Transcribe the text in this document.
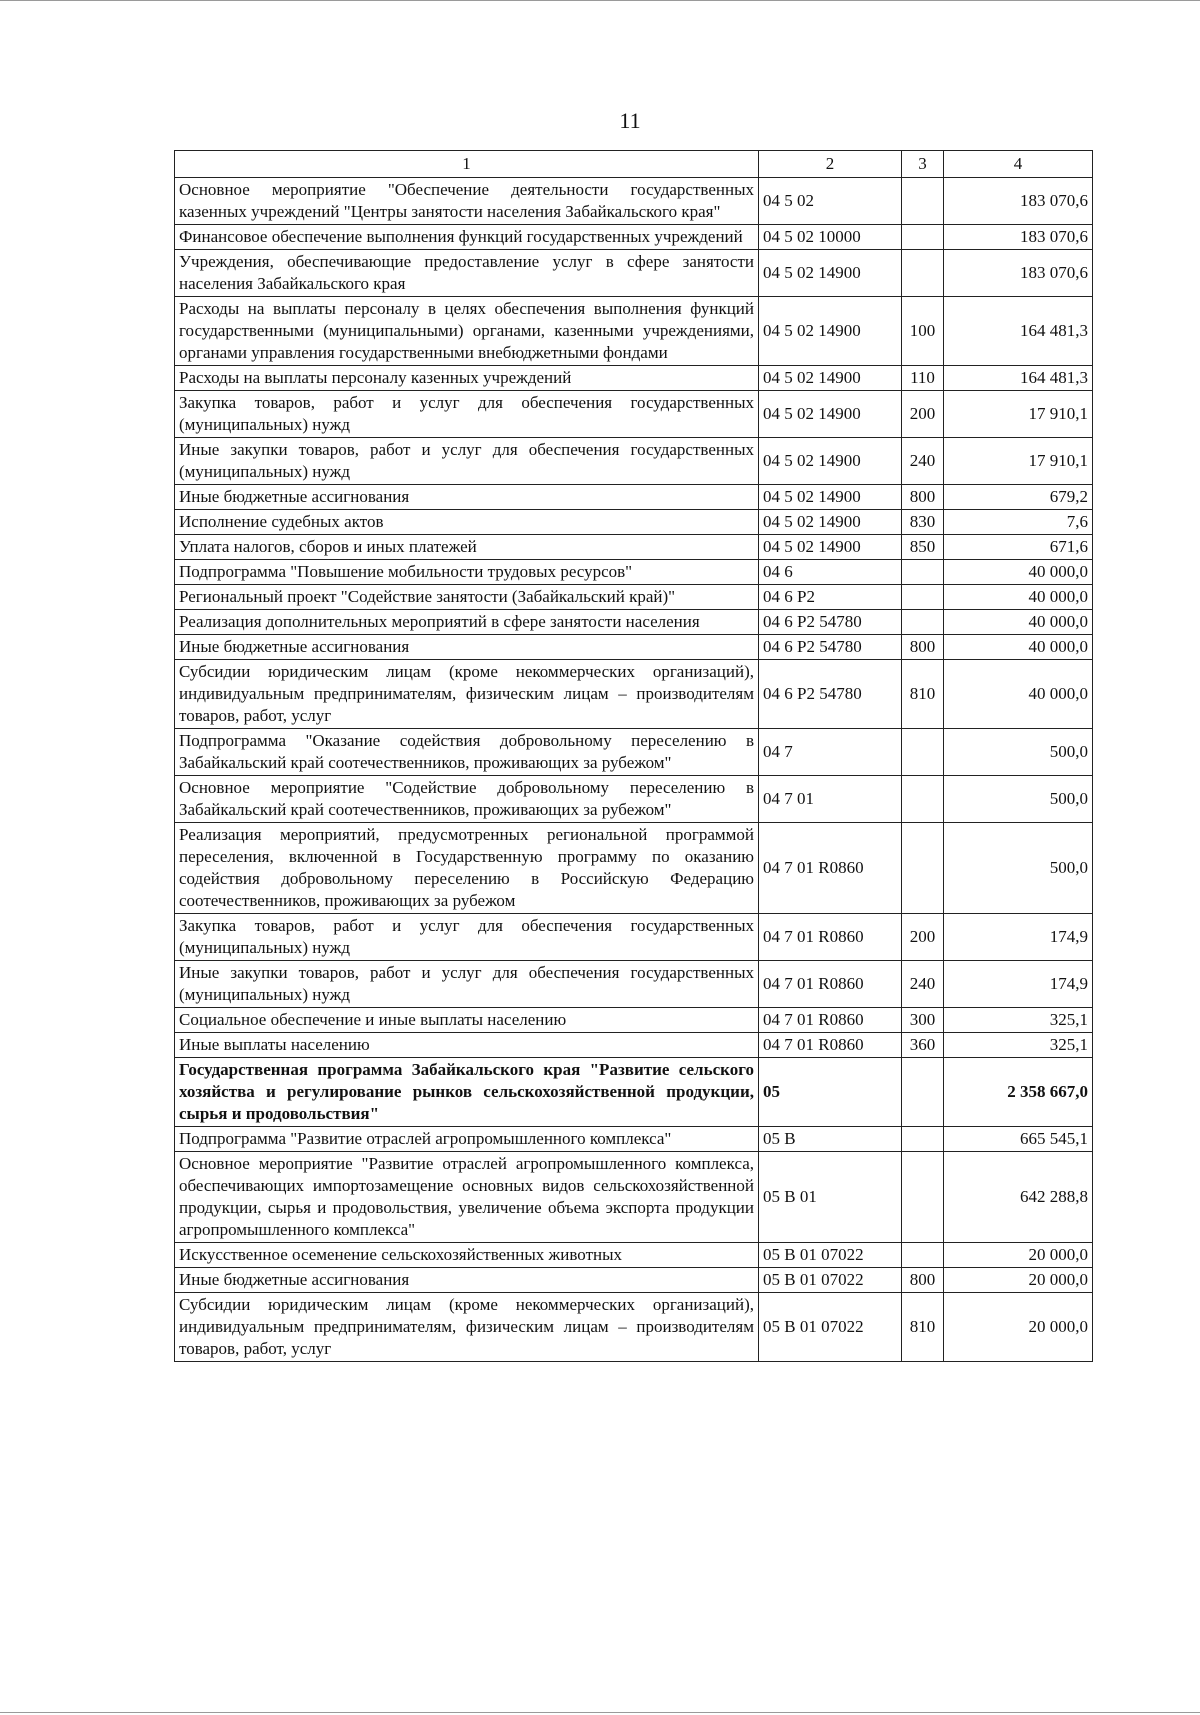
11
1	2	3	4
Основное мероприятие "Обеспечение деятельности государственных казенных учреждений "Центры занятости населения Забайкальского края"	04 5 02		183 070,6
Финансовое обеспечение выполнения функций государственных учреждений	04 5 02 10000		183 070,6
Учреждения, обеспечивающие предоставление услуг в сфере занятости населения Забайкальского края	04 5 02 14900		183 070,6
Расходы на выплаты персоналу в целях обеспечения выполнения функций государственными (муниципальными) органами, казенными учреждениями, органами управления государственными внебюджетными фондами	04 5 02 14900	100	164 481,3
Расходы на выплаты персоналу казенных учреждений	04 5 02 14900	110	164 481,3
Закупка товаров, работ и услуг для обеспечения государственных (муниципальных) нужд	04 5 02 14900	200	17 910,1
Иные закупки товаров, работ и услуг для обеспечения государственных (муниципальных) нужд	04 5 02 14900	240	17 910,1
Иные бюджетные ассигнования	04 5 02 14900	800	679,2
Исполнение судебных актов	04 5 02 14900	830	7,6
Уплата налогов, сборов и иных платежей	04 5 02 14900	850	671,6
Подпрограмма "Повышение мобильности трудовых ресурсов"	04 6		40 000,0
Региональный проект "Содействие занятости (Забайкальский край)"	04 6 P2		40 000,0
Реализация дополнительных мероприятий в сфере занятости населения	04 6 P2 54780		40 000,0
Иные бюджетные ассигнования	04 6 P2 54780	800	40 000,0
Субсидии юридическим лицам (кроме некоммерческих организаций), индивидуальным предпринимателям, физическим лицам – производителям товаров, работ, услуг	04 6 P2 54780	810	40 000,0
Подпрограмма "Оказание содействия добровольному переселению в Забайкальский край соотечественников, проживающих за рубежом"	04 7		500,0
Основное мероприятие "Содействие добровольному переселению в Забайкальский край соотечественников, проживающих за рубежом"	04 7 01		500,0
Реализация мероприятий, предусмотренных региональной программой переселения, включенной в Государственную программу по оказанию содействия добровольному переселению в Российскую Федерацию соотечественников, проживающих за рубежом	04 7 01 R0860		500,0
Закупка товаров, работ и услуг для обеспечения государственных (муниципальных) нужд	04 7 01 R0860	200	174,9
Иные закупки товаров, работ и услуг для обеспечения государственных (муниципальных) нужд	04 7 01 R0860	240	174,9
Социальное обеспечение и иные выплаты населению	04 7 01 R0860	300	325,1
Иные выплаты населению	04 7 01 R0860	360	325,1
Государственная программа Забайкальского края "Развитие сельского хозяйства и регулирование рынков сельскохозяйственной продукции, сырья и продовольствия"	05		2 358 667,0
Подпрограмма "Развитие отраслей агропромышленного комплекса"	05 В		665 545,1
Основное мероприятие "Развитие отраслей агропромышленного комплекса, обеспечивающих импортозамещение основных видов сельскохозяйственной продукции, сырья и продовольствия, увеличение объема экспорта продукции агропромышленного комплекса"	05 В 01		642 288,8
Искусственное осеменение сельскохозяйственных животных	05 В 01 07022		20 000,0
Иные бюджетные ассигнования	05 В 01 07022	800	20 000,0
Субсидии юридическим лицам (кроме некоммерческих организаций), индивидуальным предпринимателям, физическим лицам – производителям товаров, работ, услуг	05 В 01 07022	810	20 000,0
